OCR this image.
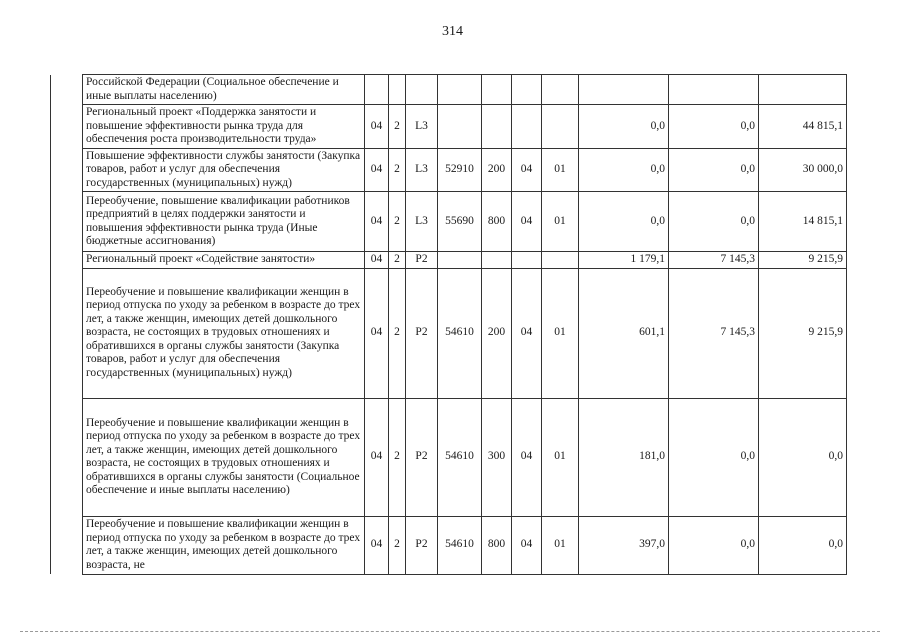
314
	Российской Федерации (Социальное обеспечение и иные выплаты населению)										
	Региональный проект «Поддержка занятости и повышение эффективности рынка труда для обеспечения роста производительности труда»	04	2	L3					0,0	0,0	44 815,1
	Повышение эффективности службы занятости (Закупка товаров, работ и услуг для обеспечения государственных (муниципальных) нужд)	04	2	L3	52910	200	04	01	0,0	0,0	30 000,0
	Переобучение, повышение квалификации работников предприятий в целях поддержки занятости и повышения эффективности рынка труда (Иные бюджетные ассигнования)	04	2	L3	55690	800	04	01	0,0	0,0	14 815,1
	Региональный проект «Содействие занятости»	04	2	P2					1 179,1	7 145,3	9 215,9
	Переобучение и повышение квалификации женщин в период отпуска по уходу за ребенком в возрасте до трех лет, а также женщин, имеющих детей дошкольного возраста, не состоящих в трудовых отношениях и обратившихся в органы службы занятости (Закупка товаров, работ и услуг для обеспечения государственных (муниципальных) нужд)	04	2	P2	54610	200	04	01	601,1	7 145,3	9 215,9
	Переобучение и повышение квалификации женщин в период отпуска по уходу за ребенком в возрасте до трех лет, а также женщин, имеющих детей дошкольного возраста, не состоящих в трудовых отношениях и обратившихся в органы службы занятости (Социальное обеспечение и иные выплаты населению)	04	2	P2	54610	300	04	01	181,0	0,0	0,0
	Переобучение и повышение квалификации женщин в период отпуска по уходу за ребенком в возрасте до трех лет, а также женщин, имеющих детей дошкольного возраста, не	04	2	P2	54610	800	04	01	397,0	0,0	0,0
